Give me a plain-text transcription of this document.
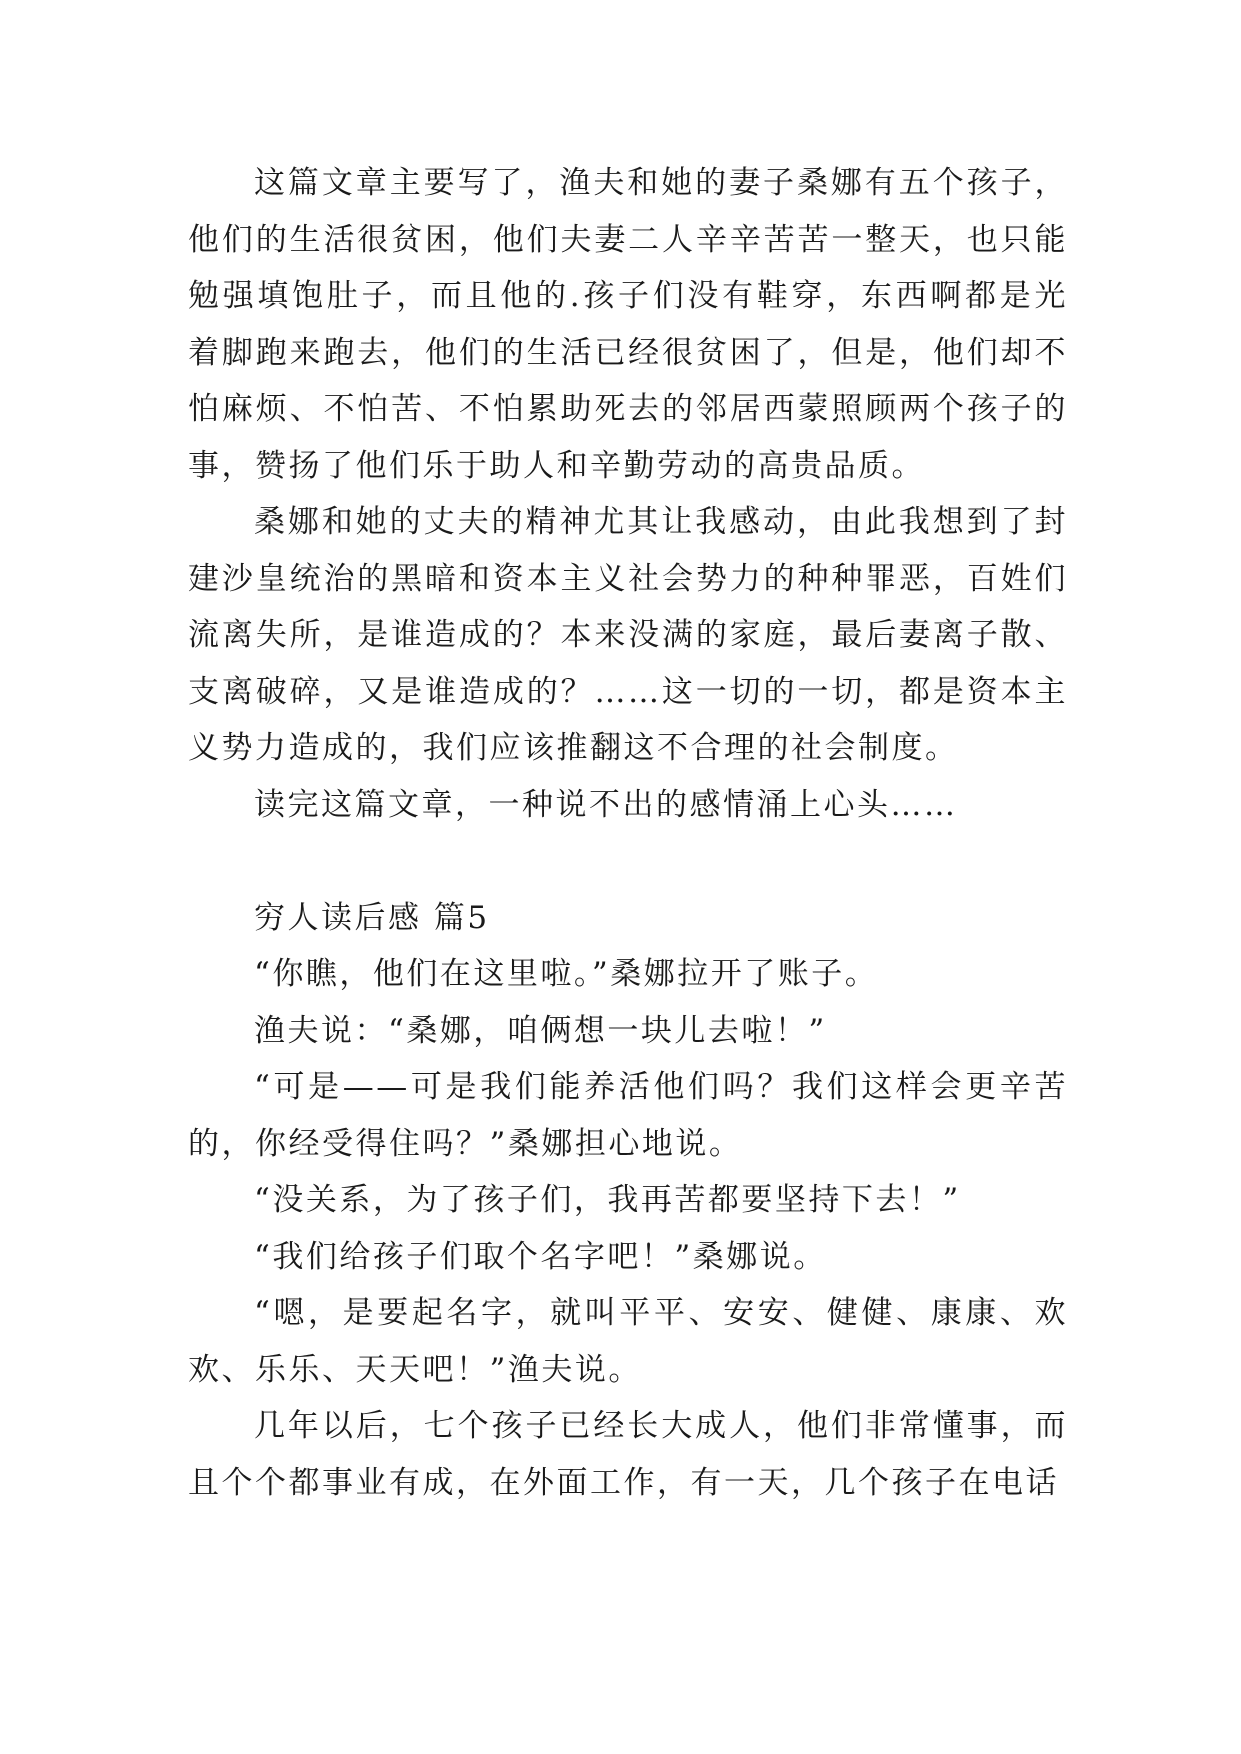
这篇文章主要写了，渔夫和她的妻子桑娜有五个孩子，他们的生活很贫困，他们夫妻二人辛辛苦苦一整天，也只能勉强填饱肚子，而且他的.孩子们没有鞋穿，东西啊都是光着脚跑来跑去，他们的生活已经很贫困了，但是，他们却不怕麻烦、不怕苦、不怕累助死去的邻居西蒙照顾两个孩子的事，赞扬了他们乐于助人和辛勤劳动的高贵品质。

桑娜和她的丈夫的精神尤其让我感动，由此我想到了封建沙皇统治的黑暗和资本主义社会势力的种种罪恶，百姓们流离失所，是谁造成的？本来没满的家庭，最后妻离子散、支离破碎，又是谁造成的？……这一切的一切，都是资本主义势力造成的，我们应该推翻这不合理的社会制度。

读完这篇文章，一种说不出的感情涌上心头……

穷人读后感 篇5

“你瞧，他们在这里啦。”桑娜拉开了账子。

渔夫说：“桑娜，咱俩想一块儿去啦！”

“可是——可是我们能养活他们吗？我们这样会更辛苦的，你经受得住吗？”桑娜担心地说。

“没关系，为了孩子们，我再苦都要坚持下去！”

“我们给孩子们取个名字吧！”桑娜说。

“嗯，是要起名字，就叫平平、安安、健健、康康、欢欢、乐乐、天天吧！”渔夫说。

几年以后，七个孩子已经长大成人，他们非常懂事，而且个个都事业有成，在外面工作，有一天，几个孩子在电话
